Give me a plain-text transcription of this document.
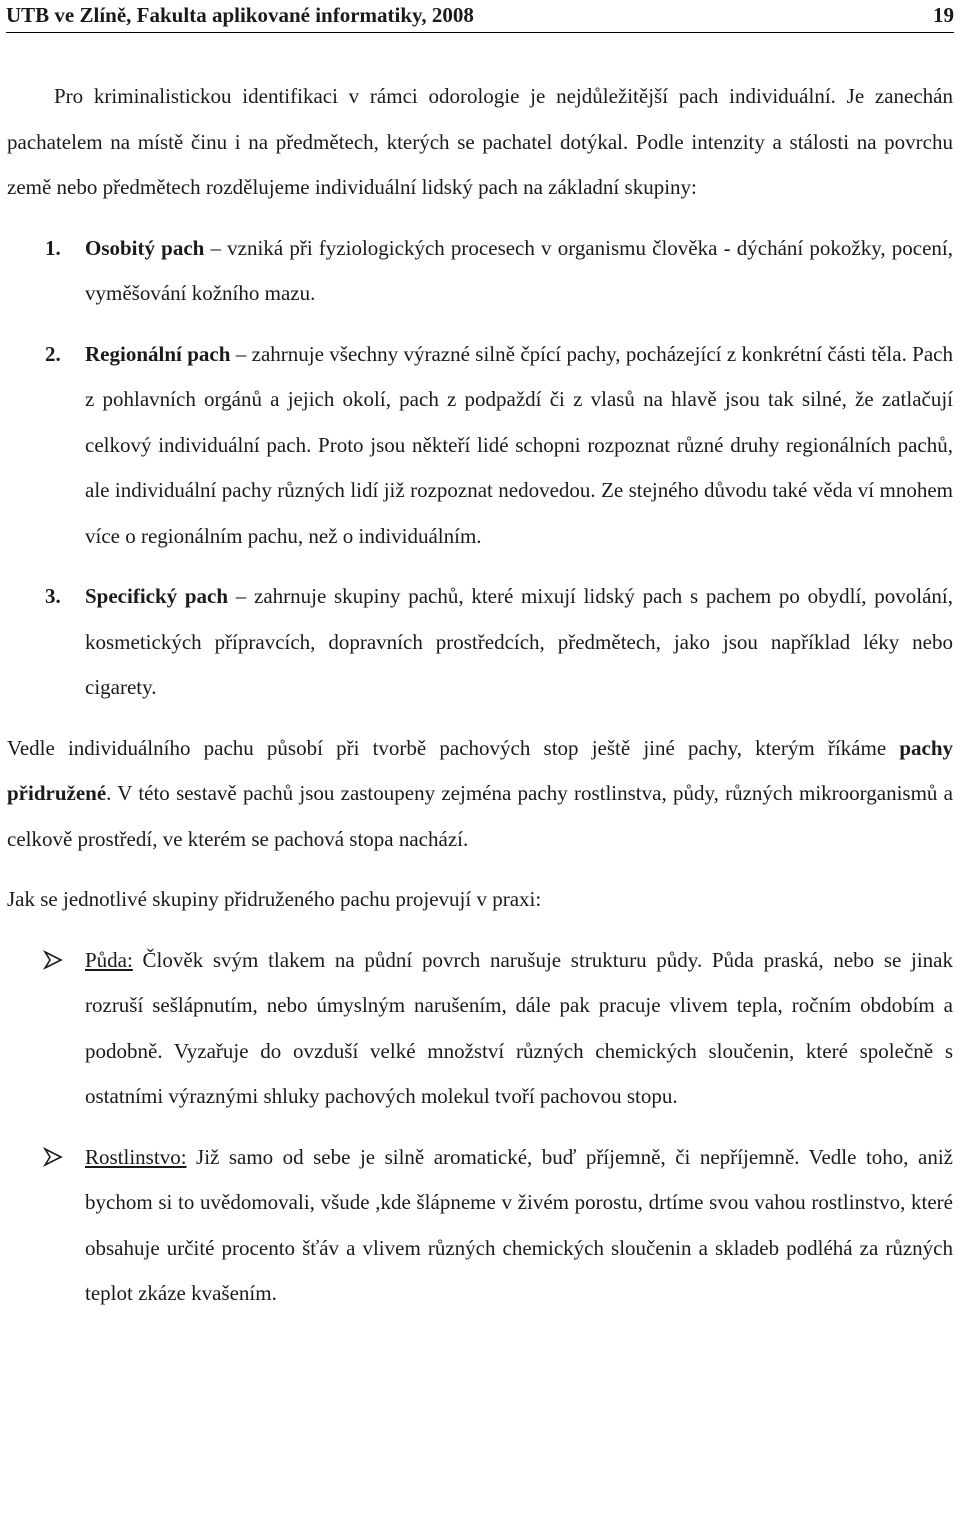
UTB ve Zlíně, Fakulta aplikované informatiky, 2008	19

Pro kriminalistickou identifikaci v rámci odorologie je nejdůležitější pach individuální. Je zanechán pachatelem na místě činu i na předmětech, kterých se pachatel dotýkal. Podle intenzity a stálosti na povrchu země nebo předmětech rozdělujeme individuální lidský pach na základní skupiny:

1. Osobitý pach – vzniká při fyziologických procesech v organismu člověka - dýchání pokožky, pocení, vyměšování kožního mazu.

2. Regionální pach – zahrnuje všechny výrazné silně čpící pachy, pocházející z konkrétní části těla. Pach z pohlavních orgánů a jejich okolí, pach z podpaždí či z vlasů na hlavě jsou tak silné, že zatlačují celkový individuální pach. Proto jsou někteří lidé schopni rozpoznat různé druhy regionálních pachů, ale individuální pachy různých lidí již rozpoznat nedovedou. Ze stejného důvodu také věda ví mnohem více o regionálním pachu, než o individuálním.

3. Specifický pach – zahrnuje skupiny pachů, které mixují lidský pach s pachem po obydlí, povolání, kosmetických přípravcích, dopravních prostředcích, předmětech, jako jsou například léky nebo cigarety.

Vedle individuálního pachu působí při tvorbě pachových stop ještě jiné pachy, kterým říkáme pachy přidružené. V této sestavě pachů jsou zastoupeny zejména pachy rostlinstva, půdy, různých mikroorganismů a celkově prostředí, ve kterém se pachová stopa nachází.

Jak se jednotlivé skupiny přidruženého pachu projevují v praxi:

Půda: Člověk svým tlakem na půdní povrch narušuje strukturu půdy. Půda praská, nebo se jinak rozruší sešlápnutím, nebo úmyslným narušením, dále pak pracuje vlivem tepla, ročním obdobím a podobně. Vyzařuje do ovzduší velké množství různých chemických sloučenin, které společně s ostatními výraznými shluky pachových molekul tvoří pachovou stopu.

Rostlinstvo: Již samo od sebe je silně aromatické, buď příjemně, či nepříjemně. Vedle toho, aniž bychom si to uvědomovali, všude ,kde šlápneme v živém porostu, drtíme svou vahou rostlinstvo, které obsahuje určité procento šťáv a vlivem různých chemických sloučenin a skladeb podléhá za různých teplot zkáze kvašením.
